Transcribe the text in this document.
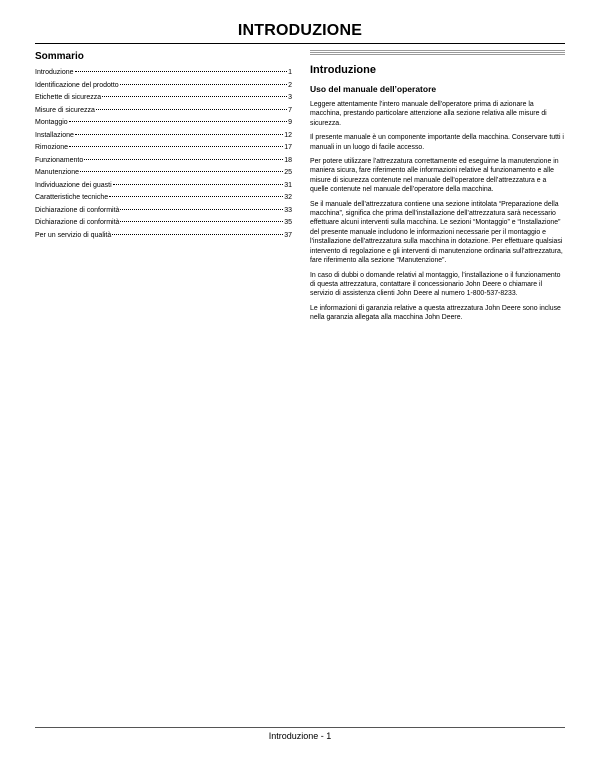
INTRODUZIONE
Sommario
Introduzione	1
Identificazione del prodotto	2
Etichette di sicurezza	3
Misure di sicurezza	7
Montaggio	9
Installazione	12
Rimozione	17
Funzionamento	18
Manutenzione	25
Individuazione dei guasti	31
Caratteristiche tecniche	32
Dichiarazione di conformità	33
Dichiarazione di conformità	35
Per un servizio di qualità	37
Introduzione
Uso del manuale dell’operatore

Leggere attentamente l’intero manuale dell’operatore prima di azionare la macchina, prestando particolare attenzione alla sezione relativa alle misure di sicurezza.

Il presente manuale è un componente importante della macchina. Conservare tutti i manuali in un luogo di facile accesso.

Per potere utilizzare l’attrezzatura correttamente ed eseguirne la manutenzione in maniera sicura, fare riferimento alle informazioni relative al funzionamento e alle misure di sicurezza contenute nel manuale dell’operatore dell’attrezzatura e a quelle contenute nel manuale dell’operatore della macchina.

Se il manuale dell’attrezzatura contiene una sezione intitolata “Preparazione della macchina”, significa che prima dell’installazione dell’attrezzatura sarà necessario effettuare alcuni interventi sulla macchina. Le sezioni “Montaggio” e “Installazione” del presente manuale includono le informazioni necessarie per il montaggio e l’installazione dell’attrezzatura sulla macchina in dotazione. Per effettuare qualsiasi intervento di regolazione e gli interventi di manutenzione ordinaria sull’attrezzatura, fare riferimento alla sezione “Manutenzione”.

In caso di dubbi o domande relativi al montaggio, l’installazione o il funzionamento di questa attrezzatura, contattare il concessionario John Deere o chiamare il servizio di assistenza clienti John Deere al numero 1-800-537-8233.

Le informazioni di garanzia relative a questa attrezzatura John Deere sono incluse nella garanzia allegata alla macchina John Deere.

Introduzione - 1
